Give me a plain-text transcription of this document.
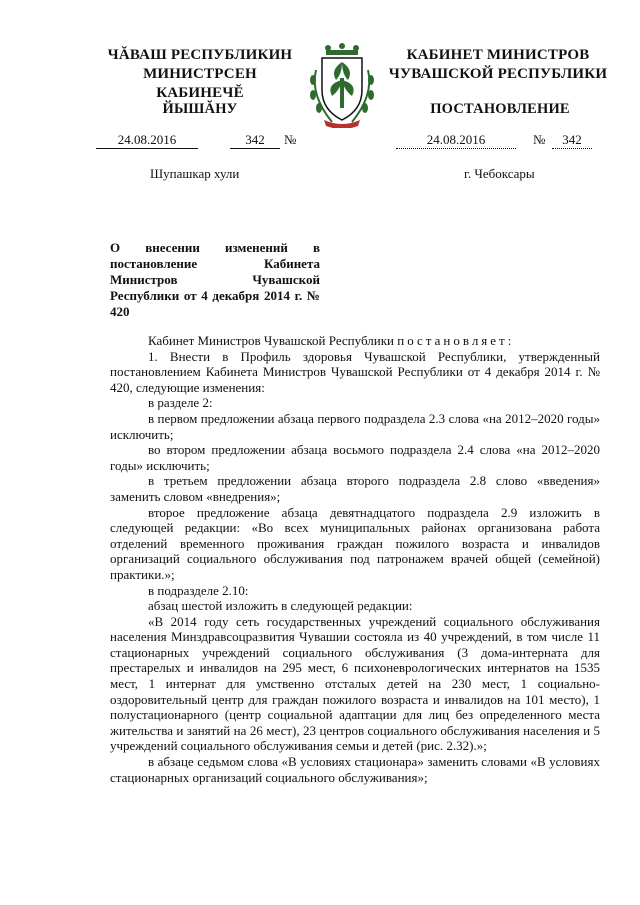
ЧĂВАШ РЕСПУБЛИКИН
МИНИСТРСЕН КАБИНЕЧĔ
ЙЫШĂНУ
КАБИНЕТ МИНИСТРОВ
ЧУВАШСКОЙ РЕСПУБЛИКИ
ПОСТАНОВЛЕНИЕ
24.08.2016	342	№	24.08.2016	№	342
Шупашкар хули	г. Чебоксары
О внесении изменений в постановление Кабинета Министров Чувашской Республики от 4 декабря 2014 г. № 420

Кабинет Министров Чувашской Республики постановляет:

1. Внести в Профиль здоровья Чувашской Республики, утвержденный постановлением Кабинета Министров Чувашской Республики от 4 декабря 2014 г. № 420, следующие изменения:

в разделе 2:

в первом предложении абзаца первого подраздела 2.3 слова «на 2012–2020 годы» исключить;

во втором предложении абзаца восьмого подраздела 2.4 слова «на 2012–2020 годы» исключить;

в третьем предложении абзаца второго подраздела 2.8 слово «введения» заменить словом «внедрения»;

второе предложение абзаца девятнадцатого подраздела 2.9 изложить в следующей редакции: «Во всех муниципальных районах организована работа отделений временного проживания граждан пожилого возраста и инвалидов организаций социального обслуживания под патронажем врачей общей (семейной) практики.»;

в подразделе 2.10:

абзац шестой изложить в следующей редакции:

«В 2014 году сеть государственных учреждений социального обслуживания населения Минздравсоцразвития Чувашии состояла из 40 учреждений, в том числе 11 стационарных учреждений социального обслуживания (3 дома-интерната для престарелых и инвалидов на 295 мест, 6 психоневрологических интернатов на 1535 мест, 1 интернат для умственно отсталых детей на 230 мест, 1 социально-оздоровительный центр для граждан пожилого возраста и инвалидов на 101 место), 1 полустационарного (центр социальной адаптации для лиц без определенного места жительства и занятий на 26 мест), 23 центров социального обслуживания населения и 5 учреждений социального обслуживания семьи и детей (рис. 2.32).»;

в абзаце седьмом слова «В условиях стационара» заменить словами «В условиях стационарных организаций социального обслуживания»;
